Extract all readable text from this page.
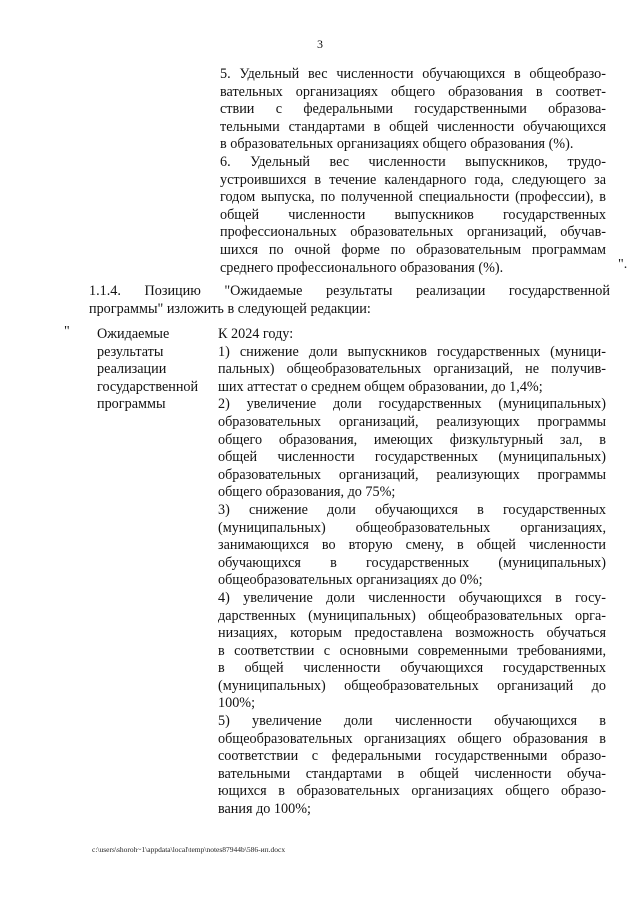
3
5. Удельный вес численности обучающихся в общеобразо-
вательных организациях общего образования в соответ-
ствии с федеральными государственными образова-
тельными стандартами в общей численности обучающихся
в образовательных организациях общего образования (%).
6. Удельный вес численности выпускников, трудо-
устроившихся в течение календарного года, следующего за
годом выпуска, по полученной специальности (профессии), в
общей численности выпускников государственных
профессиональных образовательных организаций, обучав-
шихся по очной форме по образовательным программам
среднего профессионального образования (%).	".
1.1.4. Позицию "Ожидаемые результаты реализации государственной
программы" изложить в следующей редакции:
" Ожидаемые
результаты
реализации
государственной
программы
К 2024 году:
1) снижение доли выпускников государственных (муници-
пальных) общеобразовательных организаций, не получив-
ших аттестат о среднем общем образовании, до 1,4%;
2) увеличение доли государственных (муниципальных)
образовательных организаций, реализующих программы
общего образования, имеющих физкультурный зал, в
общей численности государственных (муниципальных)
образовательных организаций, реализующих программы
общего образования, до 75%;
3) снижение доли обучающихся в государственных
(муниципальных) общеобразовательных организациях,
занимающихся во вторую смену, в общей численности
обучающихся в государственных (муниципальных)
общеобразовательных организациях до 0%;
4) увеличение доли численности обучающихся в госу-
дарственных (муниципальных) общеобразовательных орга-
низациях, которым предоставлена возможность обучаться
в соответствии с основными современными требованиями,
в общей численности обучающихся государственных
(муниципальных) общеобразовательных организаций до
100%;
5) увеличение доли численности обучающихся в
общеобразовательных организациях общего образования в
соответствии с федеральными государственными образо-
вательными стандартами в общей численности обуча-
ющихся в образовательных организациях общего образо-
вания до 100%;
c:\users\shoroh~1\appdata\local\temp\notes87944b\586-ип.docx
